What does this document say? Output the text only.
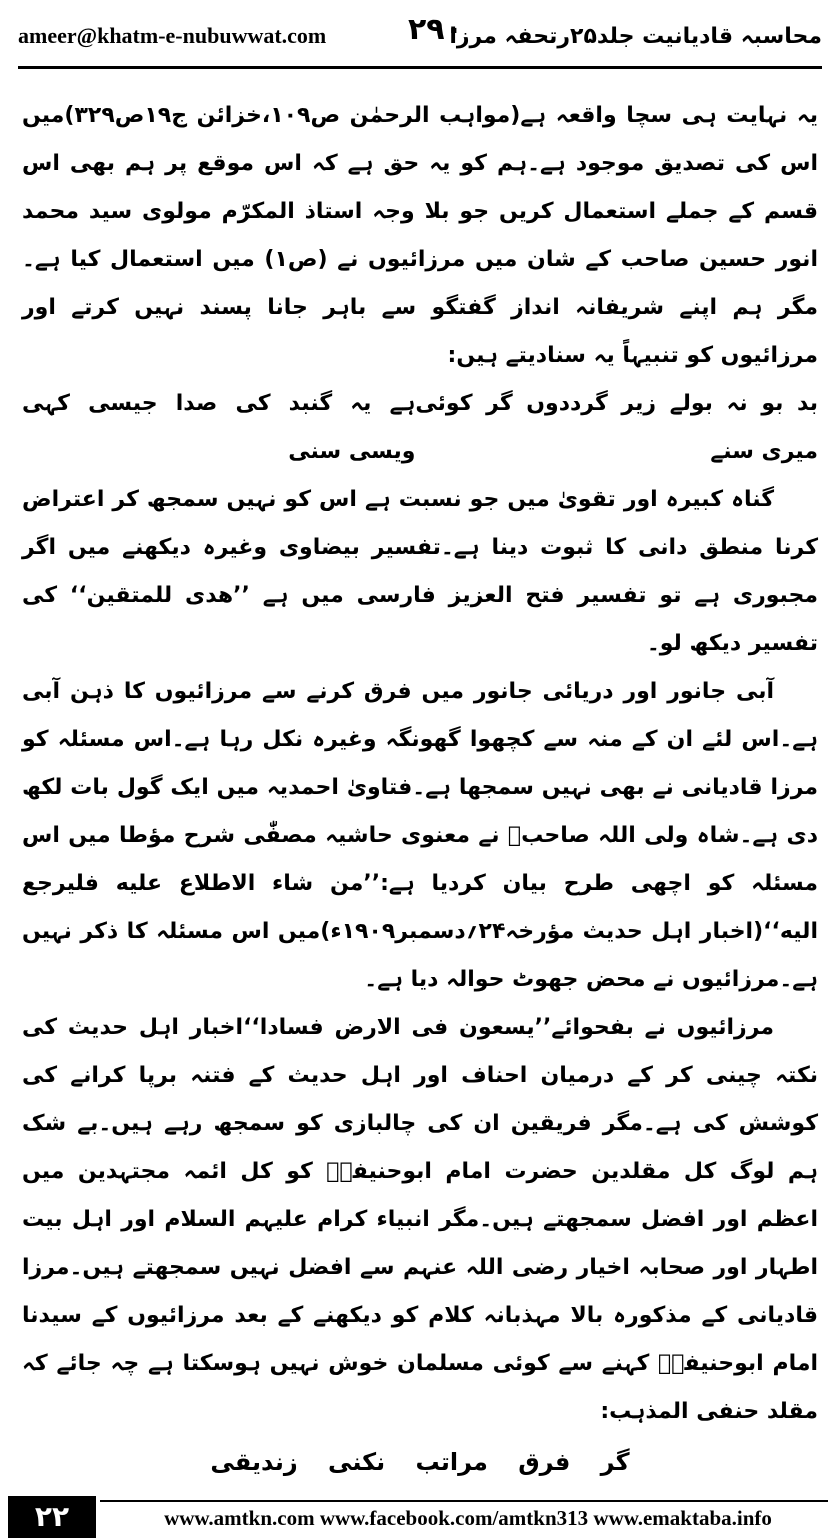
ameer@khatm-e-nubuwwat.com	۲۹۰
محاسبہ قادیانیت جلد۲۵رتحفہ مرزا

یہ نہایت ہی سچا واقعہ ہے(مواہب الرحمٰن ص۱۰۹،خزائن ج۱۹ص۳۲۹)میں اس کی تصدیق موجود ہے۔ہم کو یہ حق ہے کہ اس موقع پر ہم بھی اس قسم کے جملے استعمال کریں جو بلا وجہ استاذ المکرّم مولوی سید محمد انور حسین صاحب کے شان میں مرزائیوں نے (ص۱) میں استعمال کیا ہے۔مگر ہم اپنے شریفانہ انداز گفتگو سے باہر جانا پسند نہیں کرتے اور مرزائیوں کو تنبیہاً یہ سنادیتے ہیں:

بد بو نہ بولے زیر گرددوں گر کوئی میری سنے
ہے یہ گنبد کی صدا جیسی کہی ویسی سنی

گناہ کبیرہ اور تقویٰ میں جو نسبت ہے اس کو نہیں سمجھ کر اعتراض کرنا منطق دانی کا ثبوت دینا ہے۔تفسیر بیضاوی وغیرہ دیکھنے میں اگر مجبوری ہے تو تفسیر فتح العزیز فارسی میں ہے ’’ھدی للمتقین‘‘ کی تفسیر دیکھ لو۔

آبی جانور اور دریائی جانور میں فرق کرنے سے مرزائیوں کا ذہن آبی ہے۔اس لئے ان کے منہ سے کچھوا گھونگہ وغیرہ نکل رہا ہے۔اس مسئلہ کو مرزا قادیانی نے بھی نہیں سمجھا ہے۔فتاویٰ احمدیہ میں ایک گول بات لکھ دی ہے۔شاہ ولی اللہ صاحبؒ نے معنوی حاشیہ مصفّٰی شرح مؤطا میں اس مسئلہ کو اچھی طرح بیان کردیا ہے:’’من شاء الاطلاع علیه فلیرجع الیه‘‘(اخبار اہل حدیث مؤرخہ۲۴؍دسمبر۱۹۰۹ء)میں اس مسئلہ کا ذکر نہیں ہے۔مرزائیوں نے محض جھوٹ حوالہ دیا ہے۔

مرزائیوں نے بفحوائے’’یسعون فی الارض فسادا‘‘اخبار اہل حدیث کی نکتہ چینی کر کے درمیان احناف اور اہل حدیث کے فتنہ برپا کرانے کی کوشش کی ہے۔مگر فریقین ان کی چالبازی کو سمجھ رہے ہیں۔بے شک ہم لوگ کل مقلدین حضرت امام ابوحنیفہؒ کو کل ائمہ مجتہدین میں اعظم اور افضل سمجھتے ہیں۔مگر انبیاء کرام علیہم السلام اور اہل بیت اطہار اور صحابہ اخیار رضی اللہ عنہم سے افضل نہیں سمجھتے ہیں۔مرزا قادیانی کے مذکورہ بالا مہذبانہ کلام کو دیکھنے کے بعد مرزائیوں کے سیدنا امام ابوحنیفہؒ کہنے سے کوئی مسلمان خوش نہیں ہوسکتا ہے چہ جائے کہ مقلد حنفی المذہب:

گر فرق مراتب نکنی زندیقی
۲۲	www.amtkn.com www.facebook.com/amtkn313 www.emaktaba.info
